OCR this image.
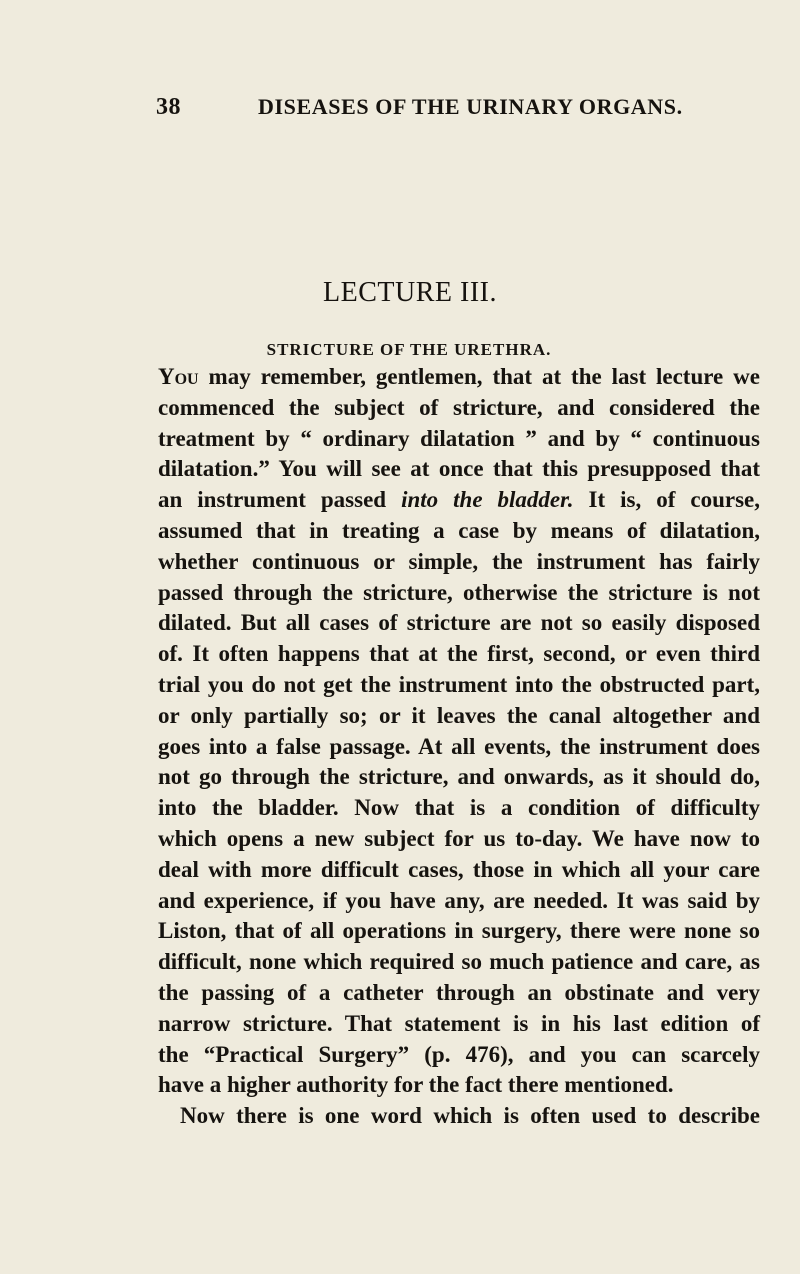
38	DISEASES OF THE URINARY ORGANS.
LECTURE III.
STRICTURE OF THE URETHRA.
You may remember, gentlemen, that at the last lecture we
commenced the subject of stricture, and considered the
treatment by “ ordinary dilatation ” and by “ continuous
dilatation.” You will see at once that this presupposed that
an instrument passed into the bladder. It is, of course,
assumed that in treating a case by means of dilatation,
whether continuous or simple, the instrument has fairly
passed through the stricture, otherwise the stricture is not
dilated. But all cases of stricture are not so easily disposed
of. It often happens that at the first, second, or even third
trial you do not get the instrument into the obstructed part,
or only partially so; or it leaves the canal altogether and
goes into a false passage. At all events, the instrument does
not go through the stricture, and onwards, as it should do,
into the bladder. Now that is a condition of difficulty
which opens a new subject for us to-day. We have now to
deal with more difficult cases, those in which all your care
and experience, if you have any, are needed. It was said by
Liston, that of all operations in surgery, there were none so
difficult, none which required so much patience and care, as
the passing of a catheter through an obstinate and very
narrow stricture. That statement is in his last edition of
the “Practical Surgery” (p. 476), and you can scarcely
have a higher authority for the fact there mentioned.
Now there is one word which is often used to describe
